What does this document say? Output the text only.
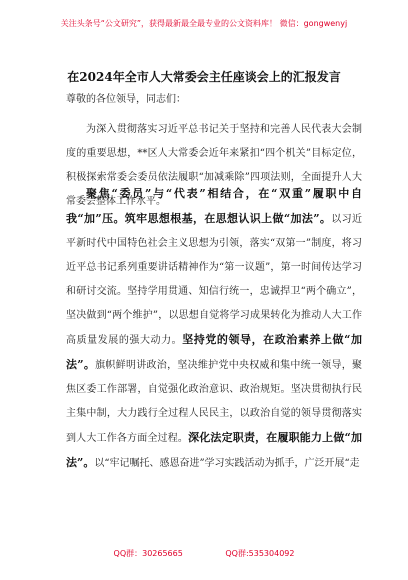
关注头条号“公文研究”，获得最新最全最专业的公文资料库！ 微信：gongwenyj
在2024年全市人大常委会主任座谈会上的汇报发言
尊敬的各位领导，同志们：
为深入贯彻落实习近平总书记关于坚持和完善人民代表大会制度的重要思想，**区人大常委会近年来紧扣“四个机关”目标定位，积极探索常委会委员依法履职“加减乘除”四项法则，全面提升人大常委会整体工作水平。
聚焦“委员”与“代表”相结合，在“双重”履职中自我“加”压。筑牢思想根基，在思想认识上做“加法”。以习近平新时代中国特色社会主义思想为引领，落实“双第一”制度，将习近平总书记系列重要讲话精神作为“第一议题”，第一时间传达学习和研讨交流。坚持学用贯通、知信行统一，忠诚捍卫“两个确立”，坚决做到“两个维护”，以思想自觉将学习成果转化为推动人大工作高质量发展的强大动力。坚持党的领导，在政治素养上做“加法”。旗帜鲜明讲政治，坚决维护党中央权威和集中统一领导，聚焦区委工作部署，自觉强化政治意识、政治规矩。坚决贯彻执行民主集中制，大力践行全过程人民民主，以政治自觉的领导贯彻落实到人大工作各方面全过程。深化法定职责，在履职能力上做“加法”。以“牢记嘱托、感恩奋进”学习实践活动为抓手，广泛开展“走
QQ群：30265665	QQ群:535304092
